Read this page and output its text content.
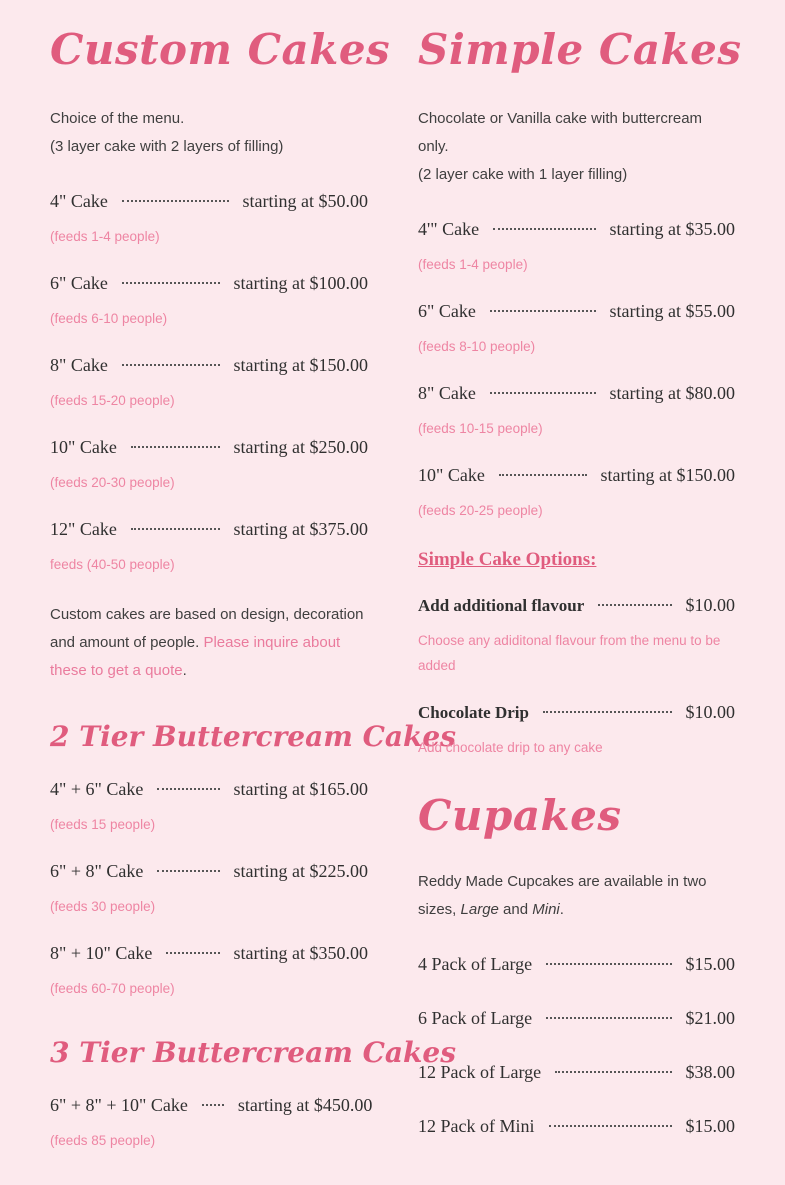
Custom Cakes
Choice of the menu.
(3 layer cake with 2 layers of filling)
4" Cake	starting at $50.00
(feeds 1-4 people)
6" Cake	starting at $100.00
(feeds 6-10 people)
8" Cake	starting at $150.00
(feeds 15-20 people)
10" Cake	starting at $250.00
(feeds 20-30 people)
12" Cake	starting at $375.00
feeds (40-50 people)

Custom cakes are based on design, decoration and amount of people. Please inquire about these to get a quote.

2 Tier Buttercream Cakes
4" + 6" Cake	starting at $165.00
(feeds 15 people)
6" + 8" Cake	starting at $225.00
(feeds 30 people)
8" + 10" Cake	starting at $350.00
(feeds 60-70 people)
3 Tier Buttercream Cakes
6" + 8" + 10" Cake	starting at $450.00
(feeds 85 people)
Simple Cakes
Chocolate or Vanilla cake with buttercream only.
(2 layer cake with 1 layer filling)
4'" Cake	starting at $35.00
(feeds 1-4 people)
6" Cake	starting at $55.00
(feeds 8-10 people)
8" Cake	starting at $80.00
(feeds 10-15 people)
10" Cake	starting at $150.00
(feeds 20-25 people)
Simple Cake Options:
Add additional flavour	$10.00
Choose any adiditonal flavour from the menu to be added
Chocolate Drip	$10.00
Add chocolate drip to any cake
Cupakes
Reddy Made Cupcakes are available in two sizes, Large and Mini.
4 Pack of Large	$15.00
6 Pack of Large	$21.00
12 Pack of Large	$38.00
12 Pack of Mini	$15.00
